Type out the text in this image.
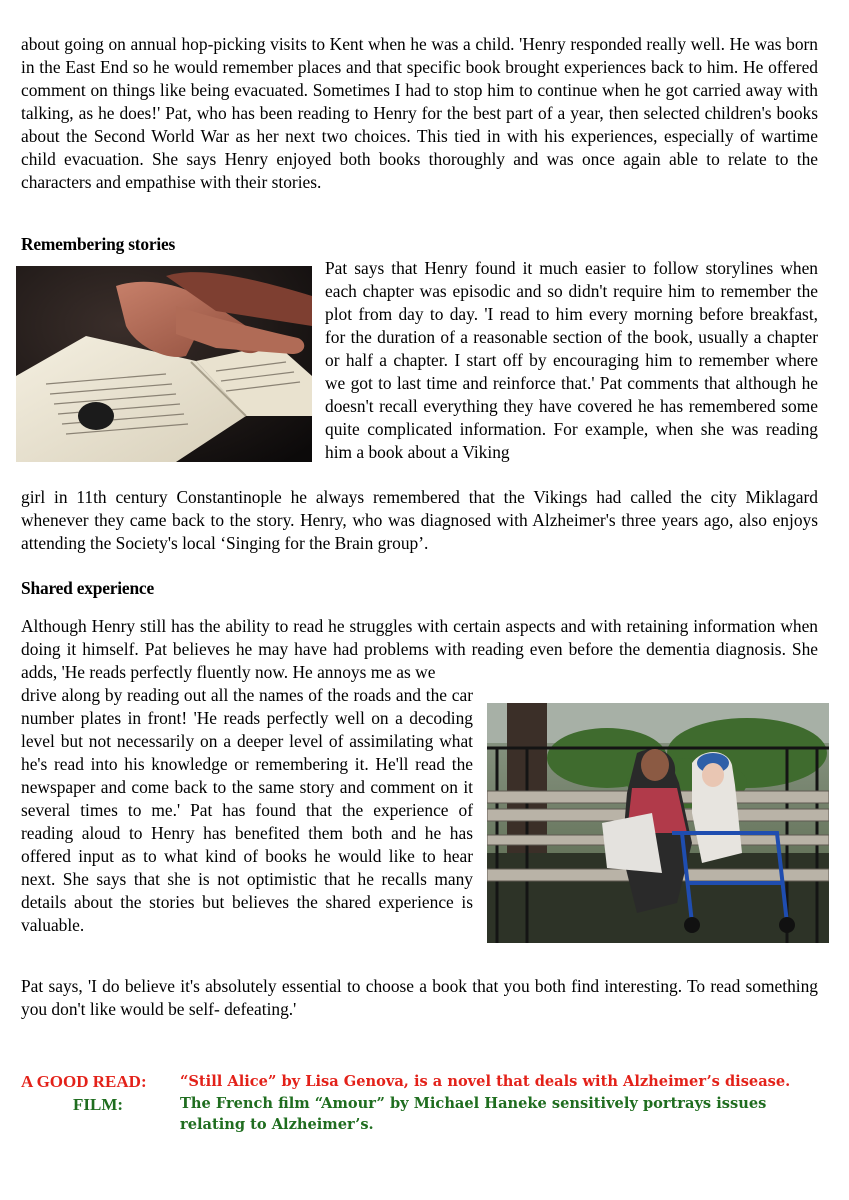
about going on annual hop-picking visits to Kent when he was a child. 'Henry responded really well. He was born in the East End so he would remember places and that specific book brought experiences back to him. He offered comment on things like being evacuated. Sometimes I had to stop him to continue when he got carried away with talking, as he does!' Pat, who has been reading to Henry for the best part of a year, then selected children's books about the Second World War as her next two choices. This tied in with his experiences, especially of wartime child evacuation. She says Henry enjoyed both books thoroughly and was once again able to relate to the characters and empathise with their stories.

Remembering stories

Pat says that Henry found it much easier to follow storylines when each chapter was episodic and so didn't require him to remember the plot from day to day. 'I read to him every morning before breakfast, for the duration of a reasonable section of the book, usually a chapter or half a chapter. I start off by encouraging him to remember where we got to last time and reinforce that.' Pat comments that although he doesn't recall everything they have covered he has remembered some quite complicated information. For example, when she was reading him a book about a Viking

girl in 11th century Constantinople he always remembered that the Vikings had called the city Miklagard whenever they came back to the story. Henry, who was diagnosed with Alzheimer's three years ago, also enjoys attending the Society's local ‘Singing for the Brain group’.

Shared experience

Although Henry still has the ability to read he struggles with certain aspects and with retaining information when doing it himself. Pat believes he may have had problems with reading even before the dementia diagnosis. She adds, 'He reads perfectly fluently now. He annoys me as we

drive along by reading out all the names of the roads and the car number plates in front! 'He reads perfectly well on a decoding level but not necessarily on a deeper level of assimilating what he's read into his knowledge or remembering it. He'll read the newspaper and come back to the same story and comment on it several times to me.' Pat has found that the experience of reading aloud to Henry has benefited them both and he has offered input as to what kind of books he would like to hear next. She says that she is not optimistic that he recalls many details about the stories but believes the shared experience is valuable.

Pat says, 'I do believe it's absolutely essential to choose a book that you both find interesting. To read something you don't like would be self- defeating.'

A GOOD READ: “Still Alice” by Lisa Genova, is a novel that deals with Alzheimer’s disease.
FILM:	The French film “Amour” by Michael Haneke sensitively portrays issues relating to Alzheimer’s.
